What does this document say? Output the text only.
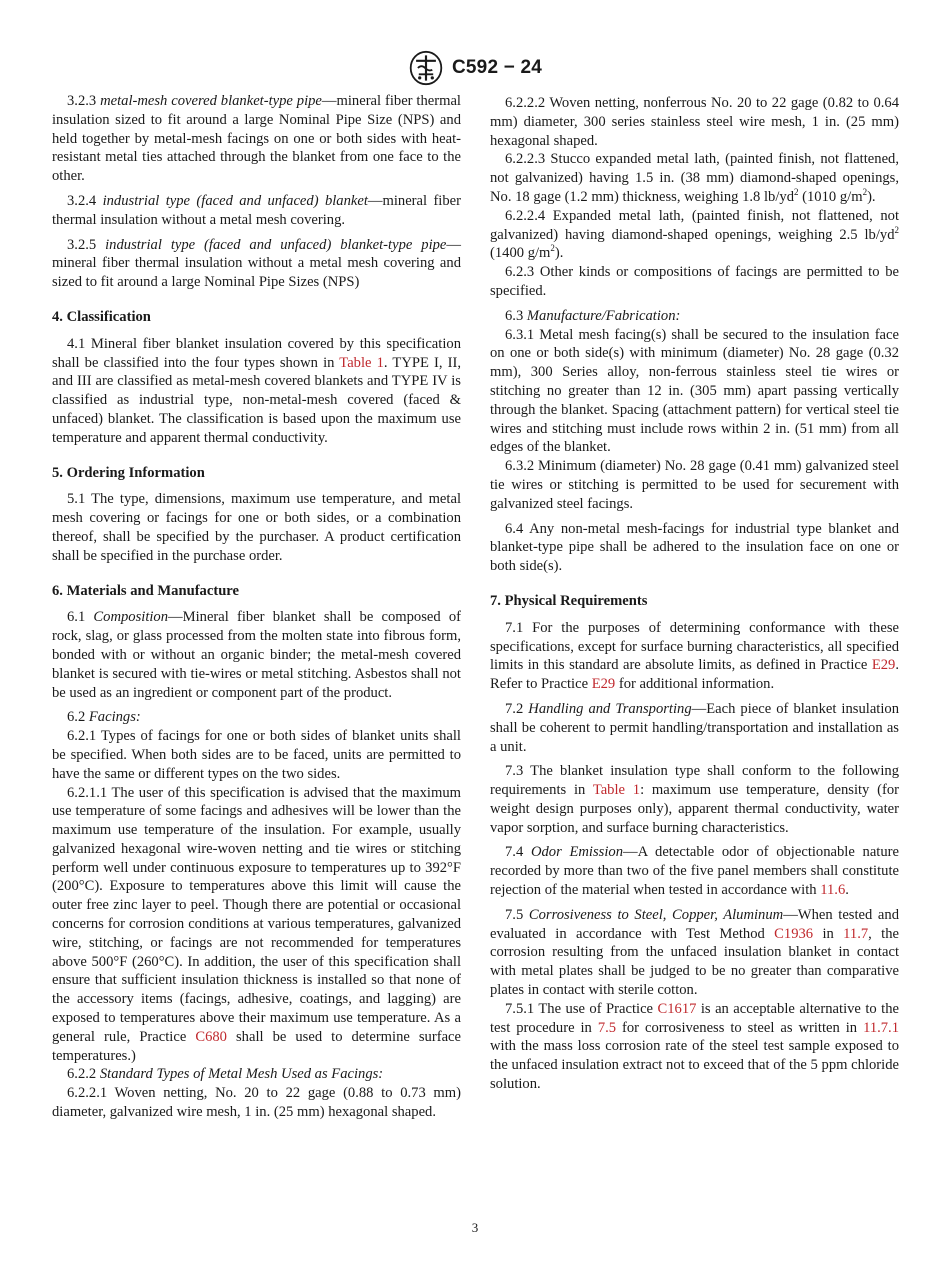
C592 − 24

3.2.3 metal-mesh covered blanket-type pipe—mineral fiber thermal insulation sized to fit around a large Nominal Pipe Size (NPS) and held together by metal-mesh facings on one or both sides with heat-resistant metal ties attached through the blanket from one face to the other.

3.2.4 industrial type (faced and unfaced) blanket—mineral fiber thermal insulation without a metal mesh covering.

3.2.5 industrial type (faced and unfaced) blanket-type pipe—mineral fiber thermal insulation without a metal mesh covering and sized to fit around a large Nominal Pipe Sizes (NPS)

4. Classification

4.1 Mineral fiber blanket insulation covered by this specification shall be classified into the four types shown in Table 1. TYPE I, II, and III are classified as metal-mesh covered blankets and TYPE IV is classified as industrial type, non-metal-mesh covered (faced & unfaced) blanket. The classification is based upon the maximum use temperature and apparent thermal conductivity.

5. Ordering Information

5.1 The type, dimensions, maximum use temperature, and metal mesh covering or facings for one or both sides, or a combination thereof, shall be specified by the purchaser. A product certification shall be specified in the purchase order.

6. Materials and Manufacture

6.1 Composition—Mineral fiber blanket shall be composed of rock, slag, or glass processed from the molten state into fibrous form, bonded with or without an organic binder; the metal-mesh covered blanket is secured with tie-wires or metal stitching. Asbestos shall not be used as an ingredient or component part of the product.

6.2 Facings:

6.2.1 Types of facings for one or both sides of blanket units shall be specified. When both sides are to be faced, units are permitted to have the same or different types on the two sides.

6.2.1.1 The user of this specification is advised that the maximum use temperature of some facings and adhesives will be lower than the maximum use temperature of the insulation. For example, usually galvanized hexagonal wire-woven netting and tie wires or stitching perform well under continuous exposure to temperatures up to 392°F (200°C). Exposure to temperatures above this limit will cause the outer free zinc layer to peel. Though there are potential or occasional concerns for corrosion conditions at various temperatures, galvanized wire, stitching, or facings are not recommended for temperatures above 500°F (260°C). In addition, the user of this specification shall ensure that sufficient insulation thickness is installed so that none of the accessory items (facings, adhesive, coatings, and lagging) are exposed to temperatures above their maximum use temperature. As a general rule, Practice C680 shall be used to determine surface temperatures.)

6.2.2 Standard Types of Metal Mesh Used as Facings:

6.2.2.1 Woven netting, No. 20 to 22 gage (0.88 to 0.73 mm) diameter, galvanized wire mesh, 1 in. (25 mm) hexagonal shaped.

6.2.2.2 Woven netting, nonferrous No. 20 to 22 gage (0.82 to 0.64 mm) diameter, 300 series stainless steel wire mesh, 1 in. (25 mm) hexagonal shaped.

6.2.2.3 Stucco expanded metal lath, (painted finish, not flattened, not galvanized) having 1.5 in. (38 mm) diamond-shaped openings, No. 18 gage (1.2 mm) thickness, weighing 1.8 $lb/yd^2$ (1010 $g/m^2$).

6.2.2.4 Expanded metal lath, (painted finish, not flattened, not galvanized) having diamond-shaped openings, weighing 2.5 $lb/yd^2$ (1400 $g/m^2$).

6.2.3 Other kinds or compositions of facings are permitted to be specified.

6.3 Manufacture/Fabrication:

6.3.1 Metal mesh facing(s) shall be secured to the insulation face on one or both side(s) with minimum (diameter) No. 28 gage (0.32 mm), 300 Series alloy, non-ferrous stainless steel tie wires or stitching no greater than 12 in. (305 mm) apart passing vertically through the blanket. Spacing (attachment pattern) for vertical steel tie wires and stitching must include rows within 2 in. (51 mm) from all edges of the blanket.

6.3.2 Minimum (diameter) No. 28 gage (0.41 mm) galvanized steel tie wires or stitching is permitted to be used for securement with galvanized steel facings.

6.4 Any non-metal mesh-facings for industrial type blanket and blanket-type pipe shall be adhered to the insulation face on one or both side(s).

7. Physical Requirements

7.1 For the purposes of determining conformance with these specifications, except for surface burning characteristics, all specified limits in this standard are absolute limits, as defined in Practice E29. Refer to Practice E29 for additional information.

7.2 Handling and Transporting—Each piece of blanket insulation shall be coherent to permit handling/transportation and installation as a unit.

7.3 The blanket insulation type shall conform to the following requirements in Table 1: maximum use temperature, density (for weight design purposes only), apparent thermal conductivity, water vapor sorption, and surface burning characteristics.

7.4 Odor Emission—A detectable odor of objectionable nature recorded by more than two of the five panel members shall constitute rejection of the material when tested in accordance with 11.6.

7.5 Corrosiveness to Steel, Copper, Aluminum—When tested and evaluated in accordance with Test Method C1936 in 11.7, the corrosion resulting from the unfaced insulation blanket in contact with metal plates shall be judged to be no greater than comparative plates in contact with sterile cotton.

7.5.1 The use of Practice C1617 is an acceptable alternative to the test procedure in 7.5 for corrosiveness to steel as written in 11.7.1 with the mass loss corrosion rate of the steel test sample exposed to the unfaced insulation extract not to exceed that of the 5 ppm chloride solution.

3
